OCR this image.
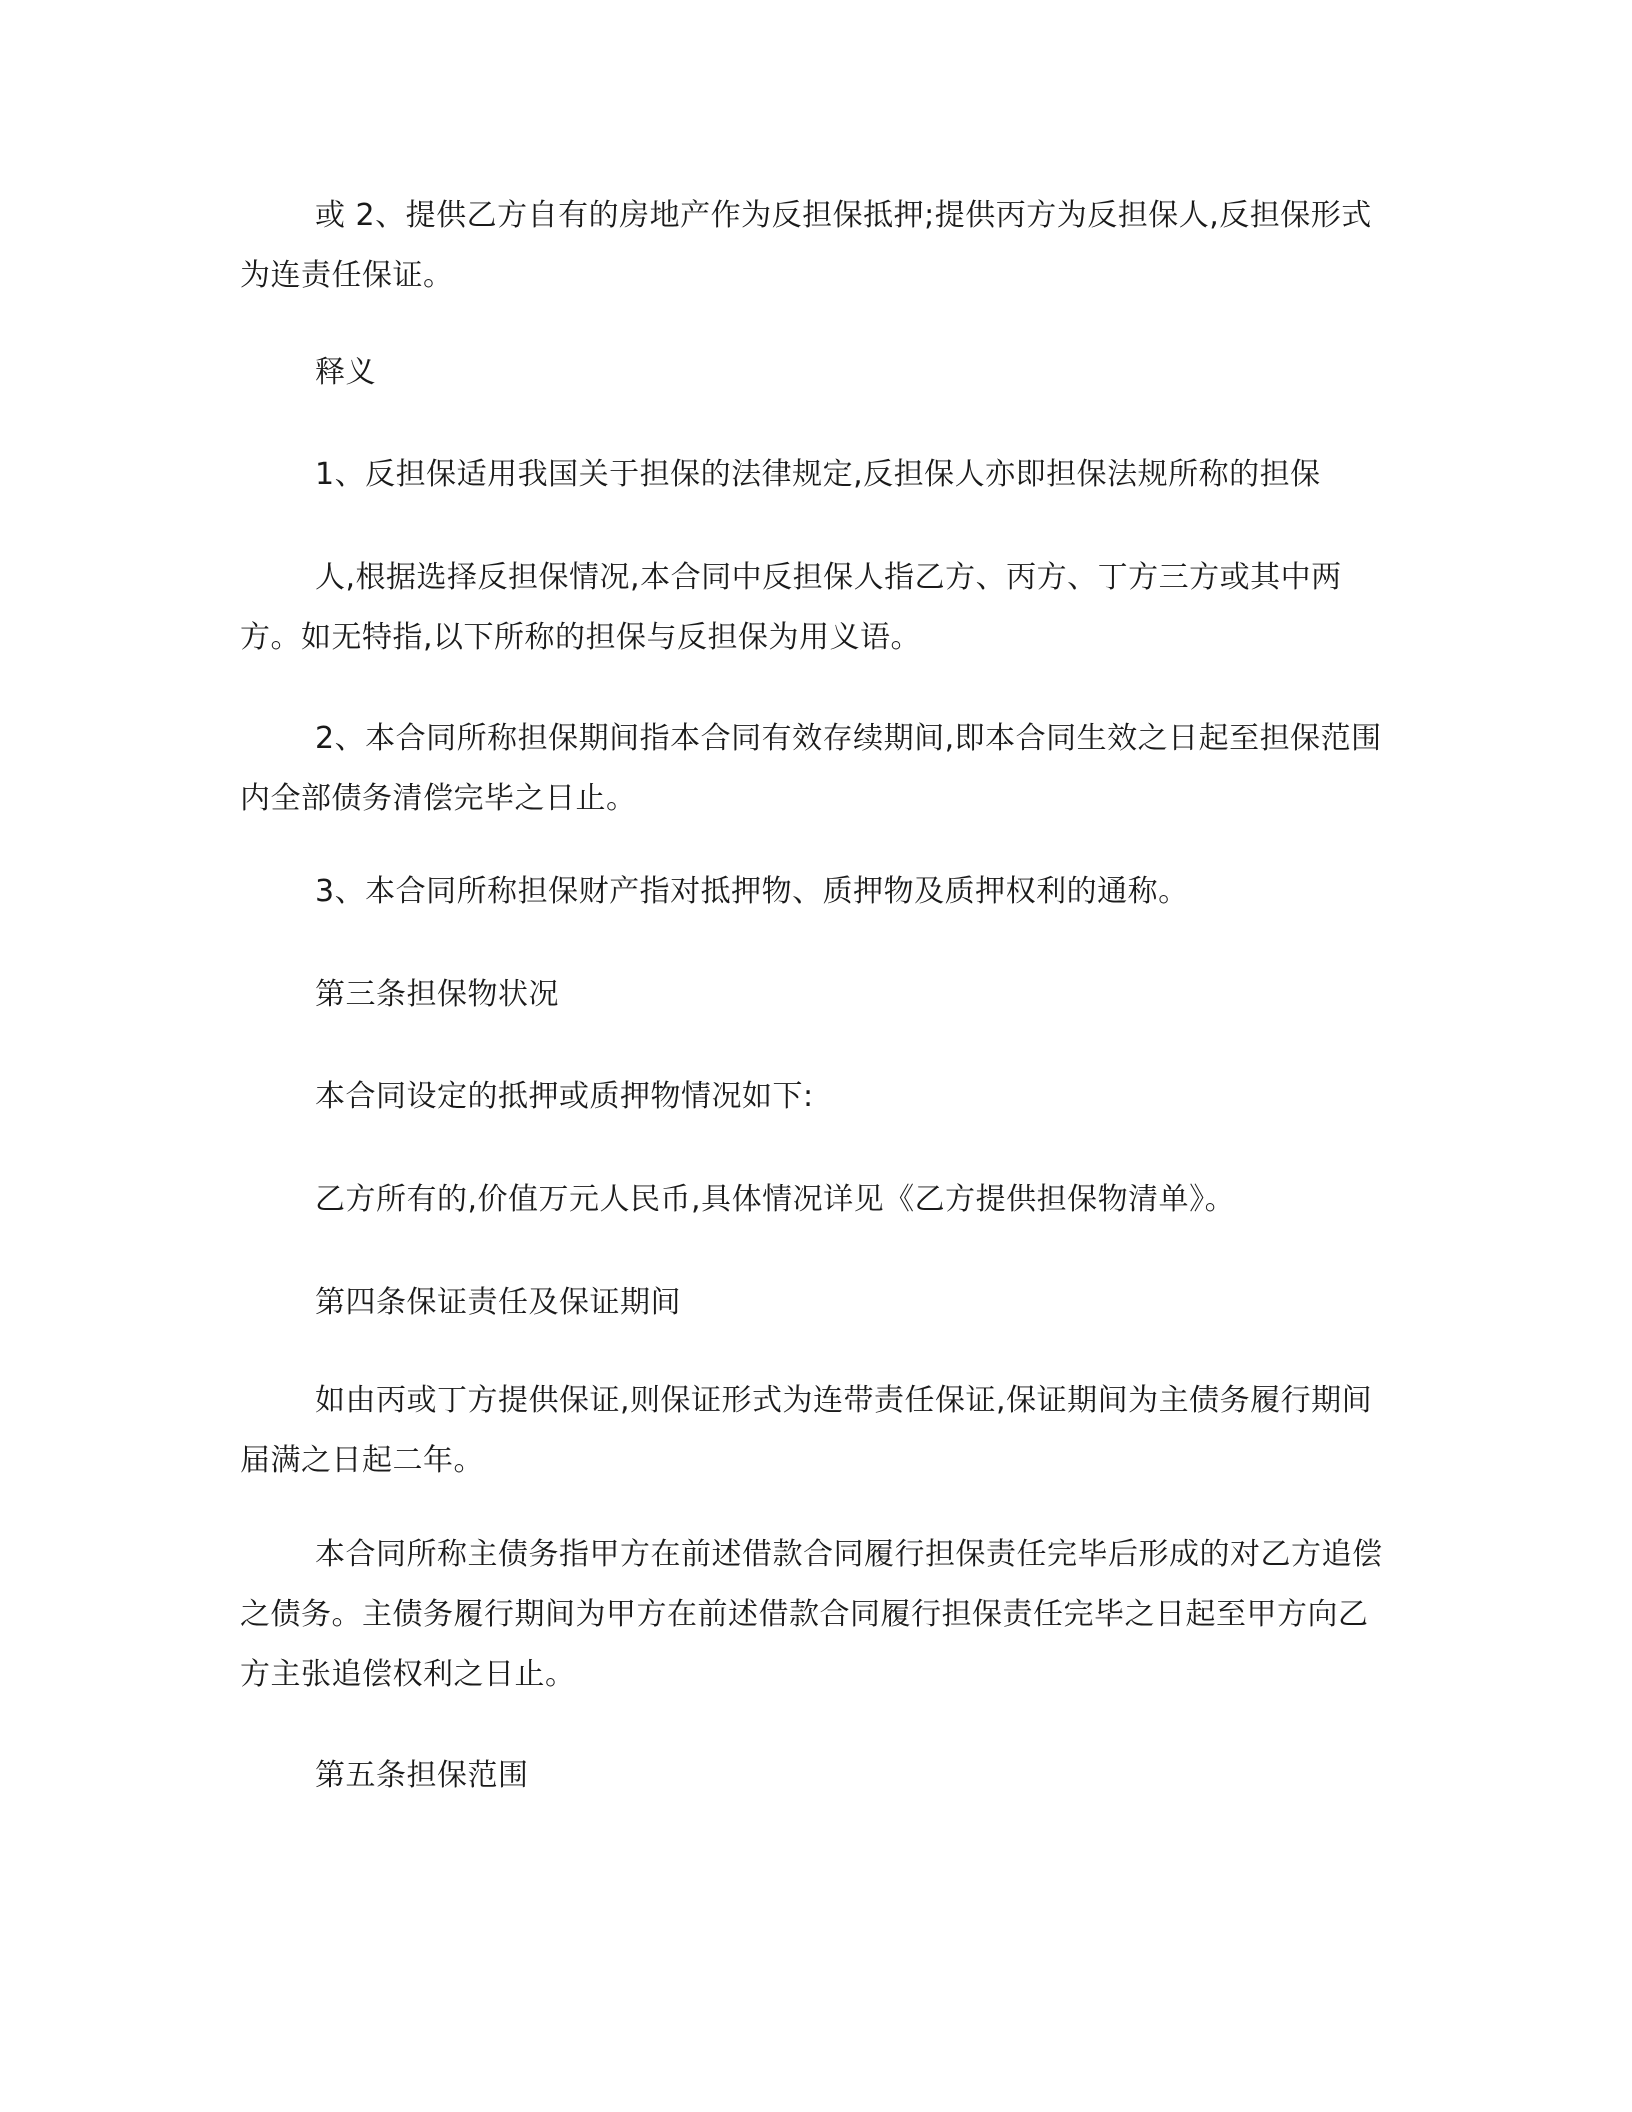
或 2、提供乙方自有的房地产作为反担保抵押;提供丙方为反担保人,反担保形式为连责任保证。

释义

1、反担保适用我国关于担保的法律规定,反担保人亦即担保法规所称的担保

人,根据选择反担保情况,本合同中反担保人指乙方、丙方、丁方三方或其中两方。如无特指,以下所称的担保与反担保为用义语。

2、本合同所称担保期间指本合同有效存续期间,即本合同生效之日起至担保范围内全部债务清偿完毕之日止。

3、本合同所称担保财产指对抵押物、质押物及质押权利的通称。

第三条担保物状况

本合同设定的抵押或质押物情况如下:

乙方所有的,价值万元人民币,具体情况详见《乙方提供担保物清单》。

第四条保证责任及保证期间

如由丙或丁方提供保证,则保证形式为连带责任保证,保证期间为主债务履行期间届满之日起二年。

本合同所称主债务指甲方在前述借款合同履行担保责任完毕后形成的对乙方追偿之债务。主债务履行期间为甲方在前述借款合同履行担保责任完毕之日起至甲方向乙方主张追偿权利之日止。

第五条担保范围
